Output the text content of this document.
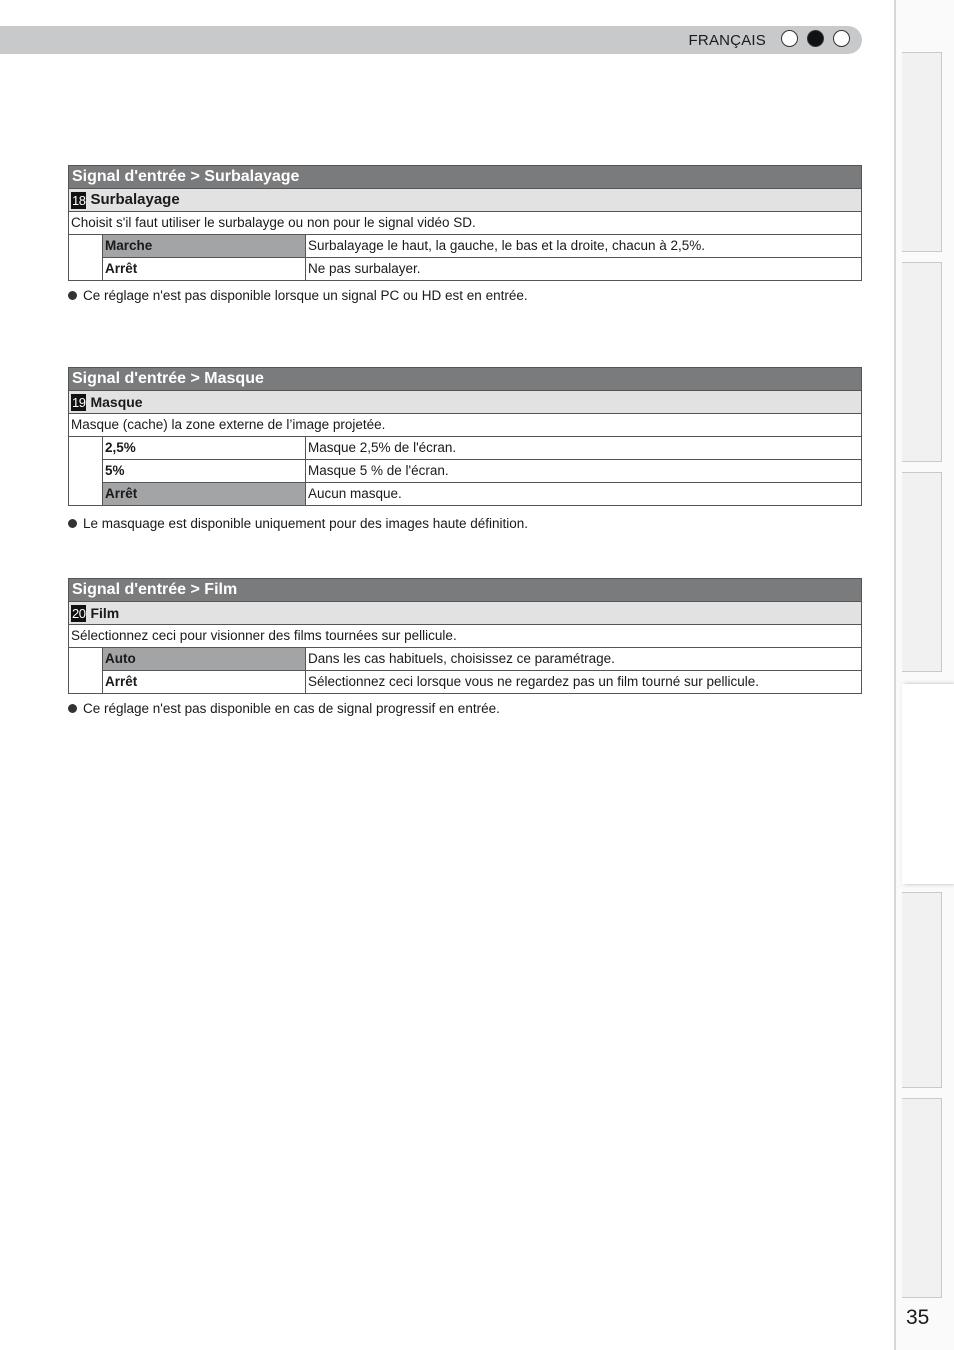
FRANÇAIS
35
Signal d'entrée > Surbalayage
18 Surbalayage
Choisit s'il faut utiliser le surbalayge ou non pour le signal vidéo SD.
Marche	Surbalayage le haut, la gauche, le bas et la droite, chacun à 2,5%.
Arrêt	Ne pas surbalayer.
Ce réglage n'est pas disponible lorsque un signal PC ou HD est en entrée.
Signal d'entrée > Masque
19 Masque
Masque (cache) la zone externe de l’image projetée.
2,5%	Masque 2,5% de l'écran.
5%	Masque 5 % de l'écran.
Arrêt	Aucun masque.
Le masquage est disponible uniquement pour des images haute définition.
Signal d'entrée > Film
20 Film
Sélectionnez ceci pour visionner des films tournées sur pellicule.
Auto	Dans les cas habituels, choisissez ce paramétrage.
Arrêt	Sélectionnez ceci lorsque vous ne regardez pas un film tourné sur pellicule.
Ce réglage n'est pas disponible en cas de signal progressif en entrée.
